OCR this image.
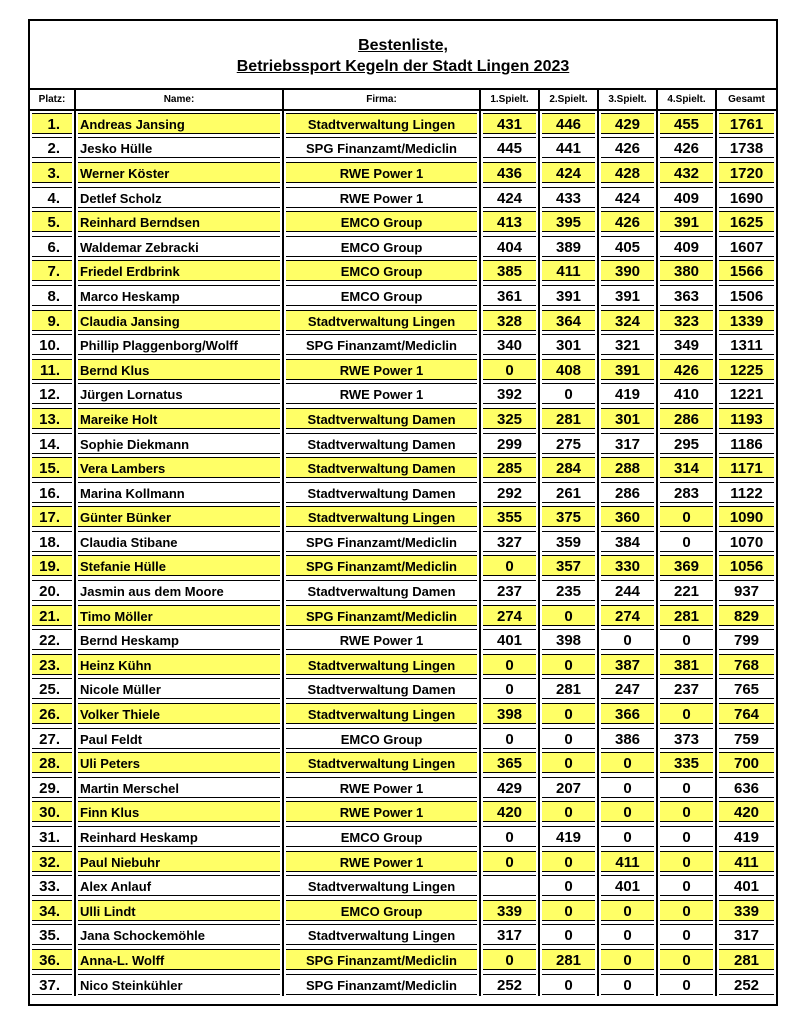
Bestenliste,
Betriebssport Kegeln der Stadt Lingen 2023
Platz:	Name:	Firma:	1.Spielt.	2.Spielt.	3.Spielt.	4.Spielt.	Gesamt

1.	Andreas Jansing	Stadtverwaltung Lingen	431	446	429	455	1761

2.	Jesko Hülle	SPG Finanzamt/Mediclin	445	441	426	426	1738

3.	Werner Köster	RWE Power 1	436	424	428	432	1720

4.	Detlef Scholz	RWE Power 1	424	433	424	409	1690

5.	Reinhard Berndsen	EMCO Group	413	395	426	391	1625

6.	Waldemar Zebracki	EMCO Group	404	389	405	409	1607

7.	Friedel Erdbrink	EMCO Group	385	411	390	380	1566

8.	Marco Heskamp	EMCO Group	361	391	391	363	1506

9.	Claudia Jansing	Stadtverwaltung Lingen	328	364	324	323	1339

10.	Phillip Plaggenborg/Wolff	SPG Finanzamt/Mediclin	340	301	321	349	1311

11.	Bernd Klus	RWE Power 1	0	408	391	426	1225

12.	Jürgen Lornatus	RWE Power 1	392	0	419	410	1221

13.	Mareike Holt	Stadtverwaltung Damen	325	281	301	286	1193

14.	Sophie Diekmann	Stadtverwaltung Damen	299	275	317	295	1186

15.	Vera Lambers	Stadtverwaltung Damen	285	284	288	314	1171

16.	Marina Kollmann	Stadtverwaltung Damen	292	261	286	283	1122

17.	Günter Bünker	Stadtverwaltung Lingen	355	375	360	0	1090

18.	Claudia Stibane	SPG Finanzamt/Mediclin	327	359	384	0	1070

19.	Stefanie Hülle	SPG Finanzamt/Mediclin	0	357	330	369	1056

20.	Jasmin aus dem Moore	Stadtverwaltung Damen	237	235	244	221	937

21.	Timo Möller	SPG Finanzamt/Mediclin	274	0	274	281	829

22.	Bernd Heskamp	RWE Power 1	401	398	0	0	799

23.	Heinz Kühn	Stadtverwaltung Lingen	0	0	387	381	768

25.	Nicole Müller	Stadtverwaltung Damen	0	281	247	237	765

26.	Volker Thiele	Stadtverwaltung Lingen	398	0	366	0	764

27.	Paul Feldt	EMCO Group	0	0	386	373	759

28.	Uli Peters	Stadtverwaltung Lingen	365	0	0	335	700

29.	Martin Merschel	RWE Power 1	429	207	0	0	636

30.	Finn Klus	RWE Power 1	420	0	0	0	420

31.	Reinhard Heskamp	EMCO Group	0	419	0	0	419

32.	Paul Niebuhr	RWE Power 1	0	0	411	0	411

33.	Alex Anlauf	Stadtverwaltung Lingen		0	401	0	401

34.	Ulli Lindt	EMCO Group	339	0	0	0	339

35.	Jana Schockemöhle	Stadtverwaltung Lingen	317	0	0	0	317

36.	Anna-L. Wolff	SPG Finanzamt/Mediclin	0	281	0	0	281

37.	Nico Steinkühler	SPG Finanzamt/Mediclin	252	0	0	0	252
